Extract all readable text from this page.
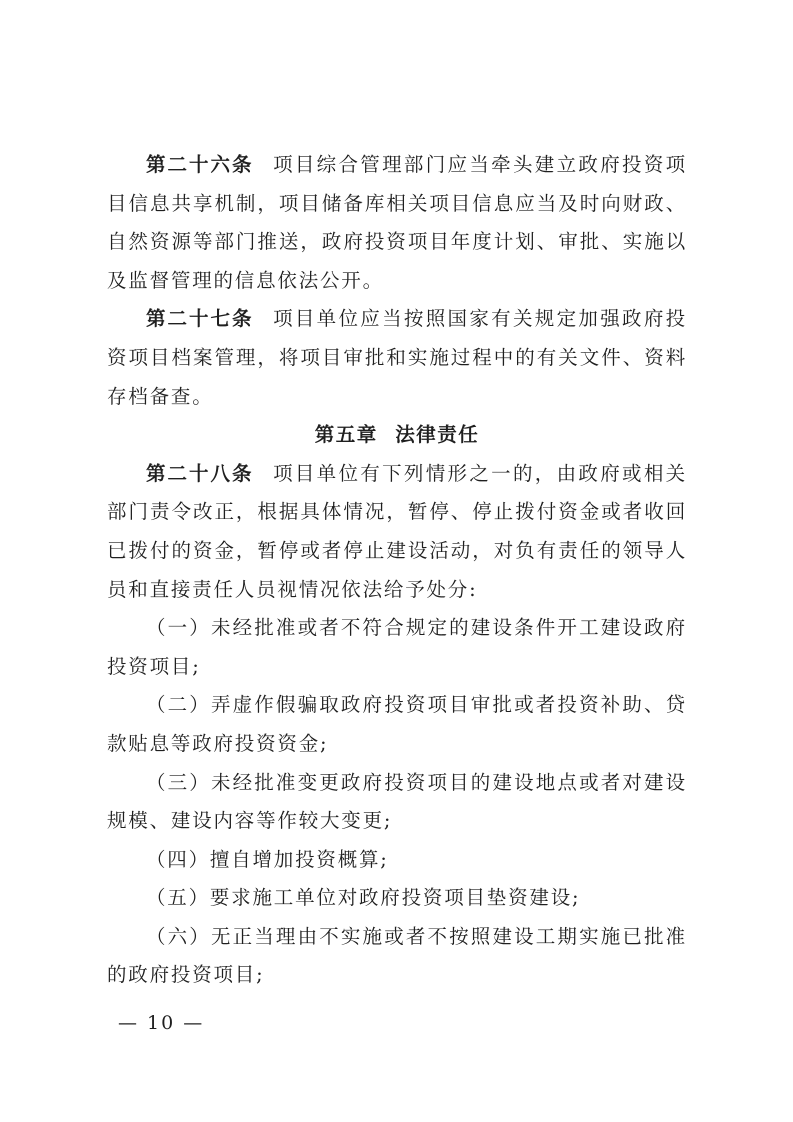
第二十六条 项目综合管理部门应当牵头建立政府投资项目信息共享机制，项目储备库相关项目信息应当及时向财政、自然资源等部门推送，政府投资项目年度计划、审批、实施以及监督管理的信息依法公开。

第二十七条 项目单位应当按照国家有关规定加强政府投资项目档案管理，将项目审批和实施过程中的有关文件、资料存档备查。

第五章 法律责任

第二十八条 项目单位有下列情形之一的，由政府或相关部门责令改正，根据具体情况，暂停、停止拨付资金或者收回已拨付的资金，暂停或者停止建设活动，对负有责任的领导人员和直接责任人员视情况依法给予处分:

（一）未经批准或者不符合规定的建设条件开工建设政府投资项目;

（二）弄虚作假骗取政府投资项目审批或者投资补助、贷款贴息等政府投资资金;

（三）未经批准变更政府投资项目的建设地点或者对建设规模、建设内容等作较大变更;

（四）擅自增加投资概算;

（五）要求施工单位对政府投资项目垫资建设;

（六）无正当理由不实施或者不按照建设工期实施已批准的政府投资项目;

— 10 —
